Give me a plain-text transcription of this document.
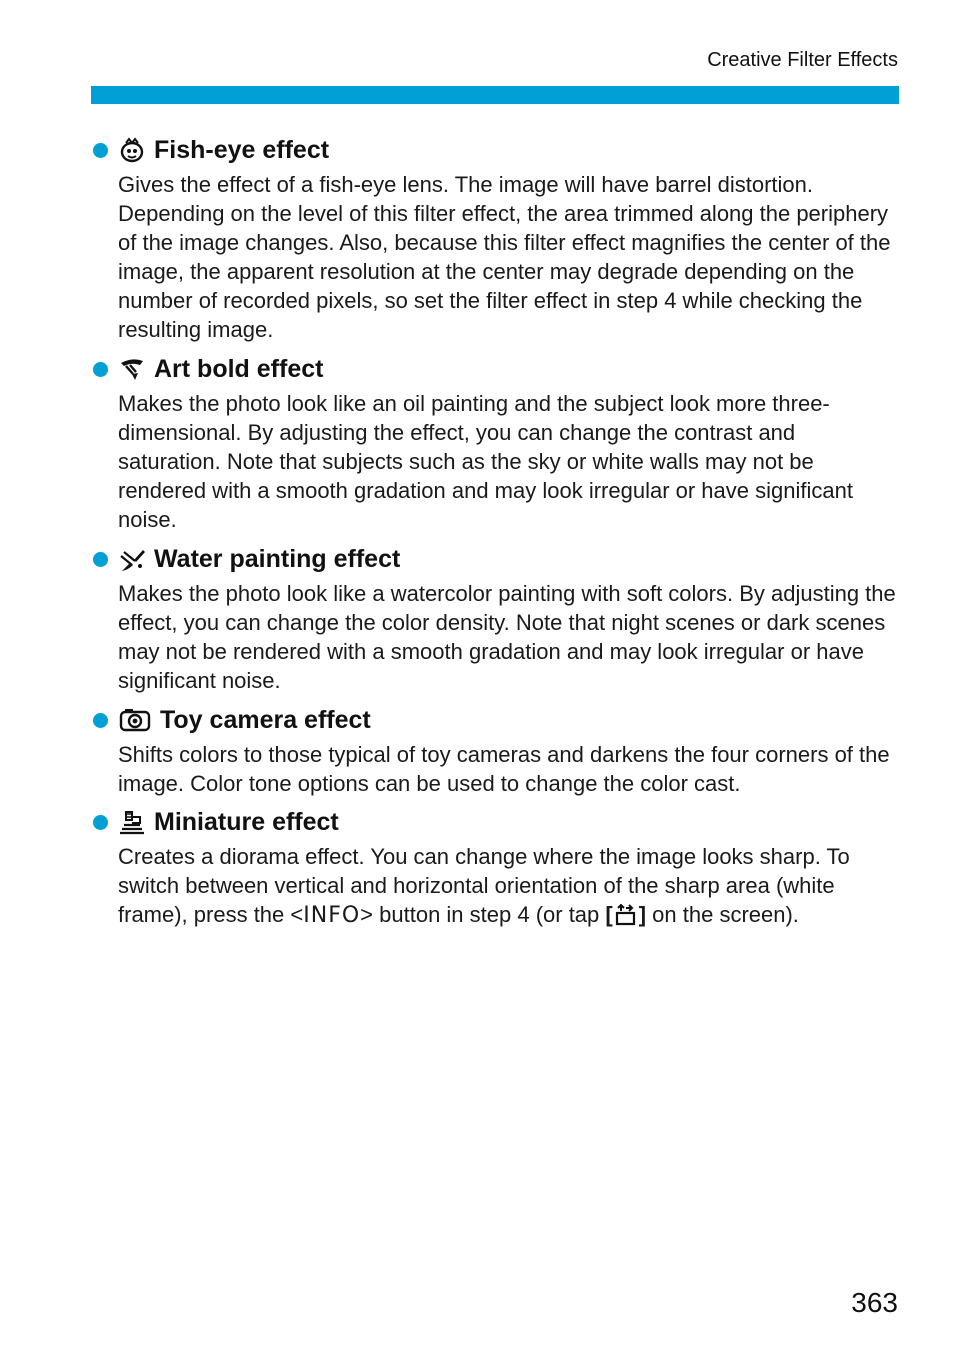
Creative Filter Effects
Fish-eye effect
Gives the effect of a fish-eye lens. The image will have barrel distortion. Depending on the level of this filter effect, the area trimmed along the periphery of the image changes. Also, because this filter effect magnifies the center of the image, the apparent resolution at the center may degrade depending on the number of recorded pixels, so set the filter effect in step 4 while checking the resulting image.
Art bold effect
Makes the photo look like an oil painting and the subject look more three-dimensional. By adjusting the effect, you can change the contrast and saturation. Note that subjects such as the sky or white walls may not be rendered with a smooth gradation and may look irregular or have significant noise.
Water painting effect
Makes the photo look like a watercolor painting with soft colors. By adjusting the effect, you can change the color density. Note that night scenes or dark scenes may not be rendered with a smooth gradation and may look irregular or have significant noise.
Toy camera effect
Shifts colors to those typical of toy cameras and darkens the four corners of the image. Color tone options can be used to change the color cast.
Miniature effect
Creates a diorama effect. You can change where the image looks sharp. To switch between vertical and horizontal orientation of the sharp area (white frame), press the <INFO> button in step 4 (or tap [ ] on the screen).
363
